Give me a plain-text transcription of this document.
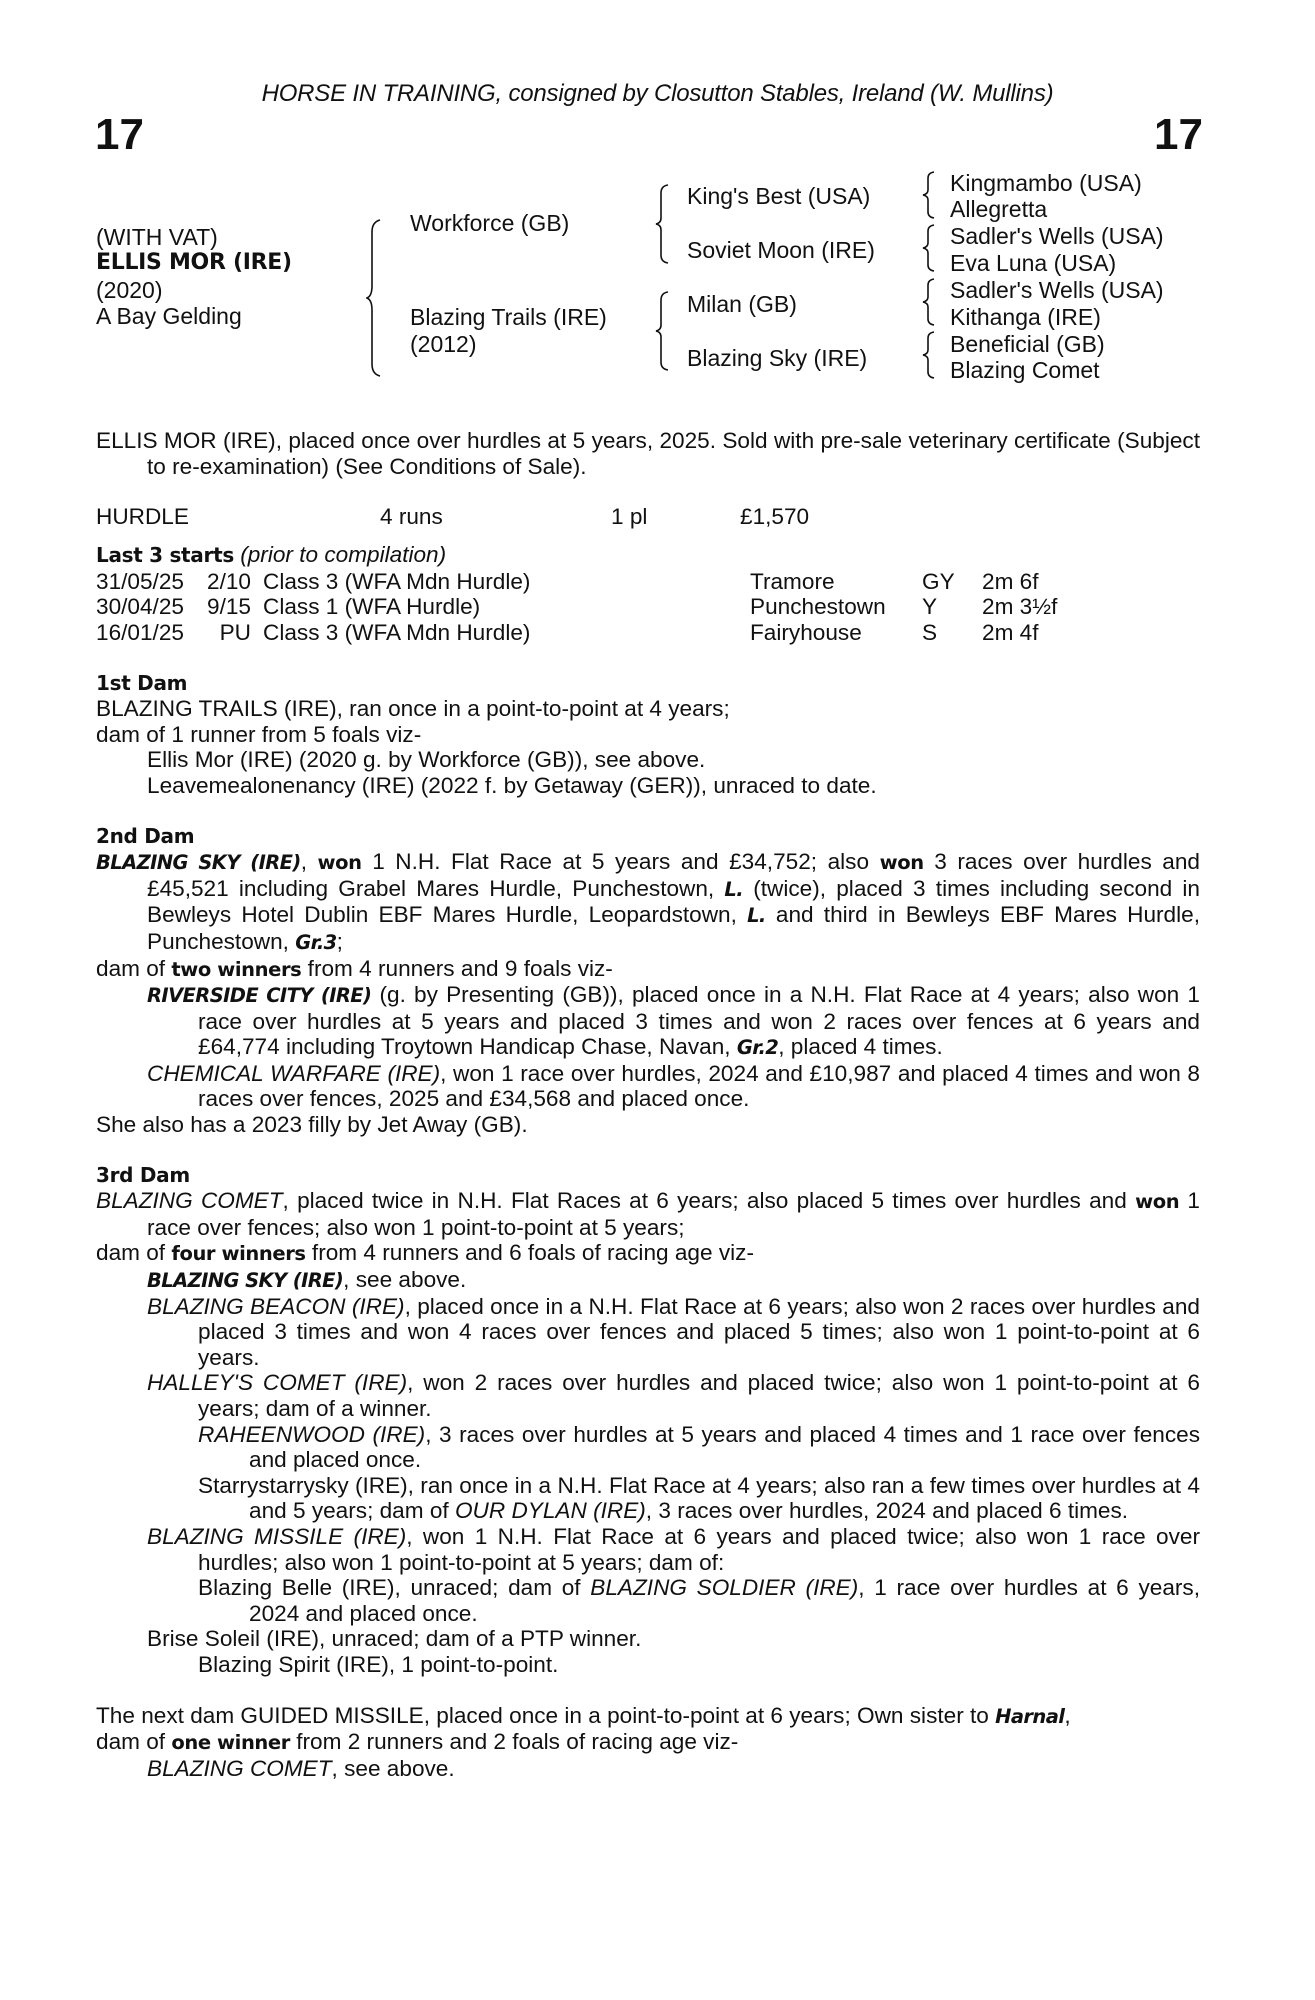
HORSE IN TRAINING, consigned by Closutton Stables, Ireland (W. Mullins)
17	17
(WITH VAT)
ELLIS MOR (IRE)
(2020)
A Bay Gelding
Workforce (GB)
Blazing Trails (IRE)
(2012)
King's Best (USA)
Soviet Moon (IRE)
Milan (GB)
Blazing Sky (IRE)
Kingmambo (USA)
Allegretta
Sadler's Wells (USA)
Eva Luna (USA)
Sadler's Wells (USA)
Kithanga (IRE)
Beneficial (GB)
Blazing Comet

ELLIS MOR (IRE), placed once over hurdles at 5 years, 2025. Sold with pre-sale veterinary certificate (Subject to re-examination) (See Conditions of Sale).

HURDLE	4 runs	1 pl	£1,570
Last 3 starts (prior to compilation)
31/05/25	2/10 Class 3 (WFA Mdn Hurdle)	Tramore	GY 2m 6f
30/04/25	9/15 Class 1 (WFA Hurdle)	Punchestown Y 2m 3½f
16/01/25	PU Class 3 (WFA Mdn Hurdle)	Fairyhouse	S 2m 4f
1st Dam

BLAZING TRAILS (IRE), ran once in a point-to-point at 4 years;

dam of 1 runner from 5 foals viz-

Ellis Mor (IRE) (2020 g. by Workforce (GB)), see above.

Leavemealonenancy (IRE) (2022 f. by Getaway (GER)), unraced to date.

2nd Dam

BLAZING SKY (IRE), won 1 N.H. Flat Race at 5 years and £34,752; also won 3 races over hurdles and £45,521 including Grabel Mares Hurdle, Punchestown, L. (twice), placed 3 times including second in Bewleys Hotel Dublin EBF Mares Hurdle, Leopardstown, L. and third in Bewleys EBF Mares Hurdle, Punchestown, Gr.3;

dam of two winners from 4 runners and 9 foals viz-

RIVERSIDE CITY (IRE) (g. by Presenting (GB)), placed once in a N.H. Flat Race at 4 years; also won 1 race over hurdles at 5 years and placed 3 times and won 2 races over fences at 6 years and £64,774 including Troytown Handicap Chase, Navan, Gr.2, placed 4 times.

CHEMICAL WARFARE (IRE), won 1 race over hurdles, 2024 and £10,987 and placed 4 times and won 8 races over fences, 2025 and £34,568 and placed once.

She also has a 2023 filly by Jet Away (GB).

3rd Dam

BLAZING COMET, placed twice in N.H. Flat Races at 6 years; also placed 5 times over hurdles and won 1 race over fences; also won 1 point-to-point at 5 years;

dam of four winners from 4 runners and 6 foals of racing age viz-

BLAZING SKY (IRE), see above.

BLAZING BEACON (IRE), placed once in a N.H. Flat Race at 6 years; also won 2 races over hurdles and placed 3 times and won 4 races over fences and placed 5 times; also won 1 point-to-point at 6 years.

HALLEY'S COMET (IRE), won 2 races over hurdles and placed twice; also won 1 point-to-point at 6 years; dam of a winner.

RAHEENWOOD (IRE), 3 races over hurdles at 5 years and placed 4 times and 1 race over fences and placed once.

Starrystarrysky (IRE), ran once in a N.H. Flat Race at 4 years; also ran a few times over hurdles at 4 and 5 years; dam of OUR DYLAN (IRE), 3 races over hurdles, 2024 and placed 6 times.

BLAZING MISSILE (IRE), won 1 N.H. Flat Race at 6 years and placed twice; also won 1 race over hurdles; also won 1 point-to-point at 5 years; dam of:

Blazing Belle (IRE), unraced; dam of BLAZING SOLDIER (IRE), 1 race over hurdles at 6 years, 2024 and placed once.

Brise Soleil (IRE), unraced; dam of a PTP winner.

Blazing Spirit (IRE), 1 point-to-point.

The next dam GUIDED MISSILE, placed once in a point-to-point at 6 years; Own sister to Harnal,

dam of one winner from 2 runners and 2 foals of racing age viz-

BLAZING COMET, see above.
